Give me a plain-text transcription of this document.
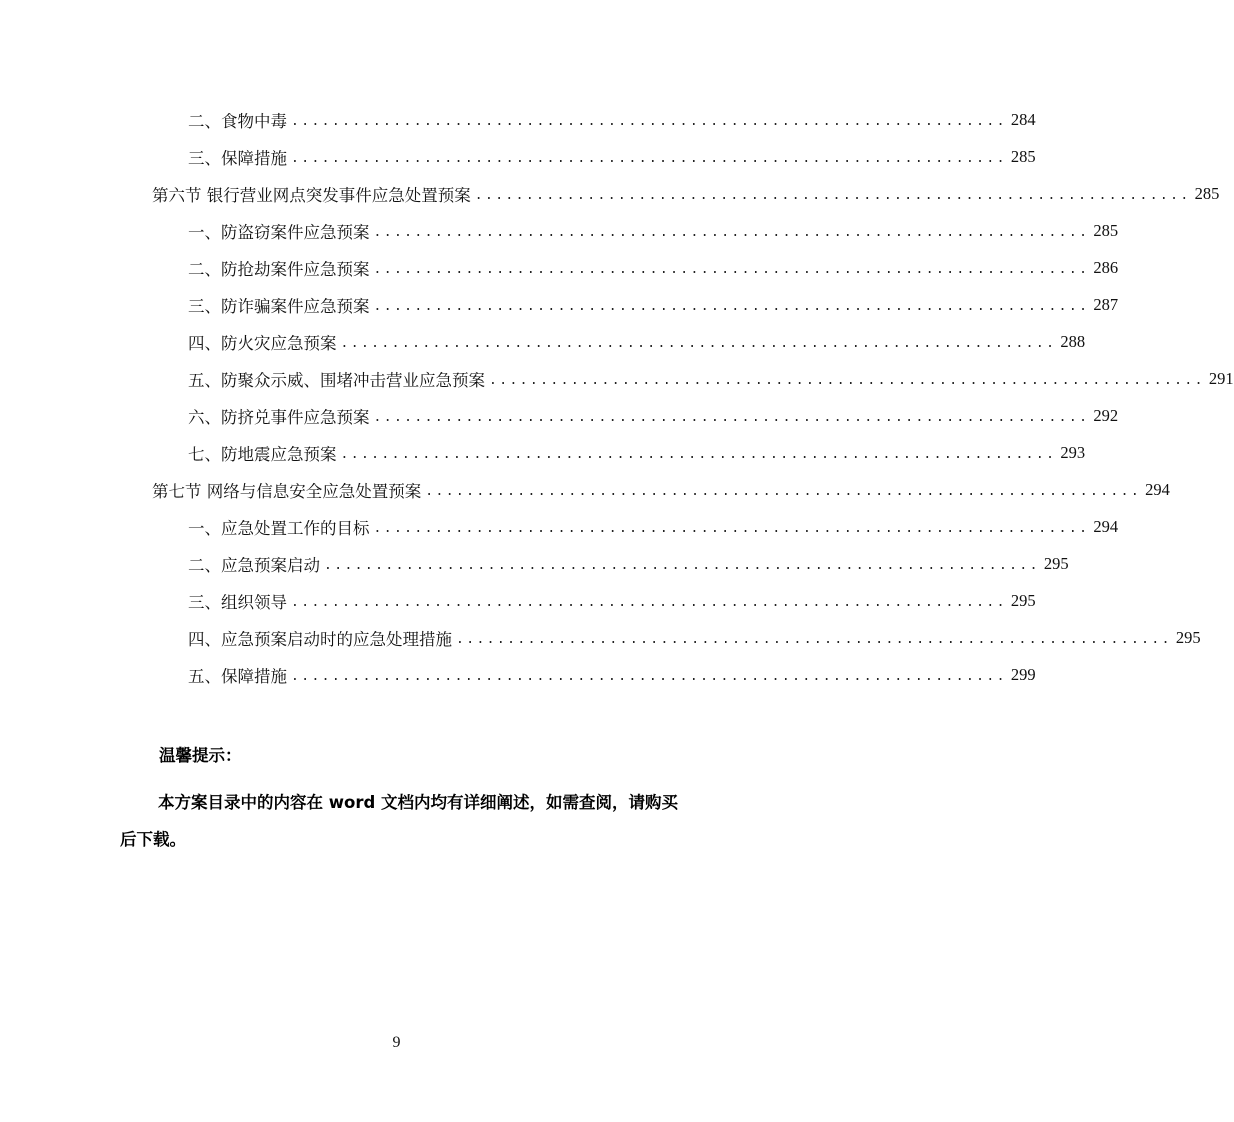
二、食物中毒 ...................................................................... 284
三、保障措施 ...................................................................... 285
第六节 银行营业网点突发事件应急处置预案 ...................................................................... 285
一、防盗窃案件应急预案 ...................................................................... 285
二、防抢劫案件应急预案 ...................................................................... 286
三、防诈骗案件应急预案 ...................................................................... 287
四、防火灾应急预案 ...................................................................... 288
五、防聚众示威、围堵冲击营业应急预案 ...................................................................... 291
六、防挤兑事件应急预案 ...................................................................... 292
七、防地震应急预案 ...................................................................... 293
第七节 网络与信息安全应急处置预案 ...................................................................... 294
一、应急处置工作的目标 ...................................................................... 294
二、应急预案启动 ...................................................................... 295
三、组织领导 ...................................................................... 295
四、应急预案启动时的应急处理措施 ...................................................................... 295
五、保障措施 ...................................................................... 299
温馨提示：
本方案目录中的内容在 word 文档内均有详细阐述，如需查阅，请购买后下载。
9
